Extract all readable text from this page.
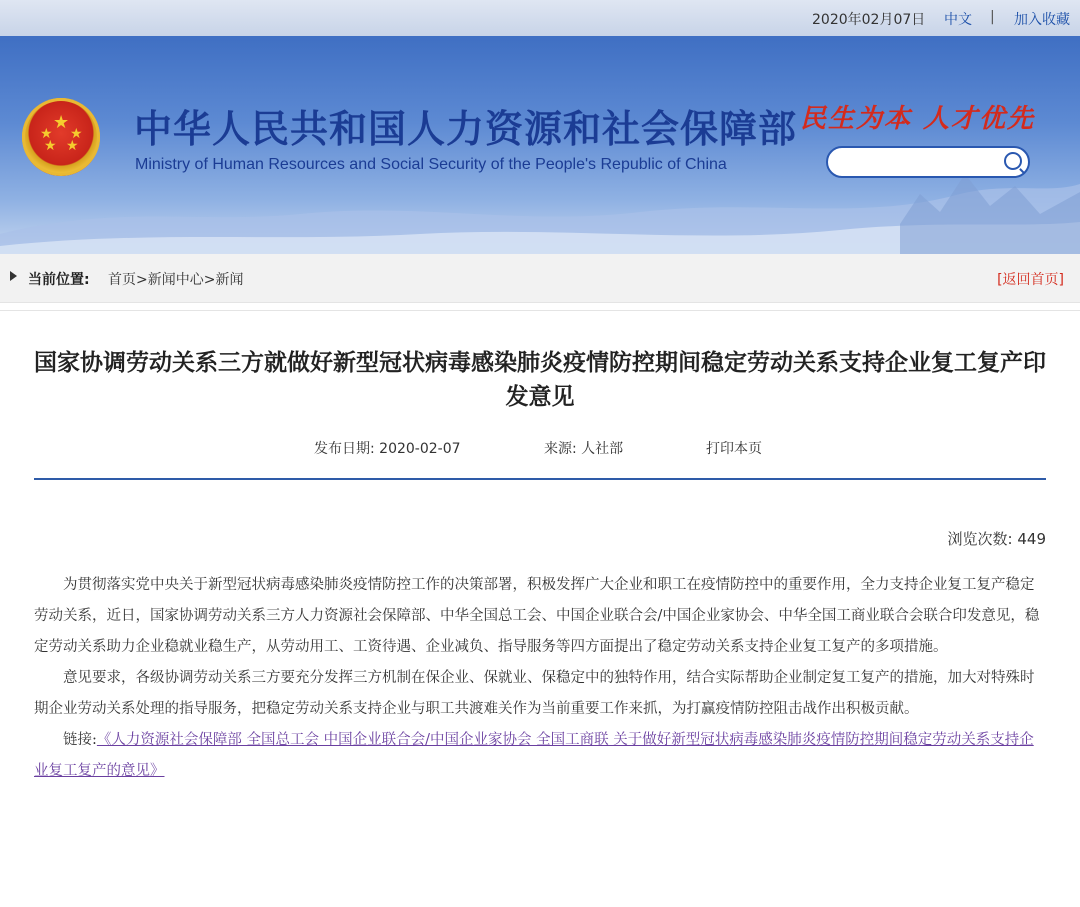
2020年02月07日 中文 | 加入收藏
★
★ ★
★ ★ 中华人民共和国人力资源和社会保障部
Ministry of Human Resources and Social Security of the People's Republic of China
民生为本 人才优先
当前位置: 首页>新闻中心>新闻	[返回首页]
国家协调劳动关系三方就做好新型冠状病毒感染肺炎疫情防控期间稳定劳动关系支持企业复工复产印发意见
发布日期: 2020-02-07	来源: 人社部	打印本页
浏览次数: 449

为贯彻落实党中央关于新型冠状病毒感染肺炎疫情防控工作的决策部署，积极发挥广大企业和职工在疫情防控中的重要作用，全力支持企业复工复产稳定劳动关系，近日，国家协调劳动关系三方人力资源社会保障部、中华全国总工会、中国企业联合会/中国企业家协会、中华全国工商业联合会联合印发意见，稳定劳动关系助力企业稳就业稳生产，从劳动用工、工资待遇、企业减负、指导服务等四方面提出了稳定劳动关系支持企业复工复产的多项措施。

意见要求，各级协调劳动关系三方要充分发挥三方机制在保企业、保就业、保稳定中的独特作用，结合实际帮助企业制定复工复产的措施，加大对特殊时期企业劳动关系处理的指导服务，把稳定劳动关系支持企业与职工共渡难关作为当前重要工作来抓，为打赢疫情防控阻击战作出积极贡献。

链接:《人力资源社会保障部 全国总工会 中国企业联合会/中国企业家协会 全国工商联 关于做好新型冠状病毒感染肺炎疫情防控期间稳定劳动关系支持企业复工复产的意见》
